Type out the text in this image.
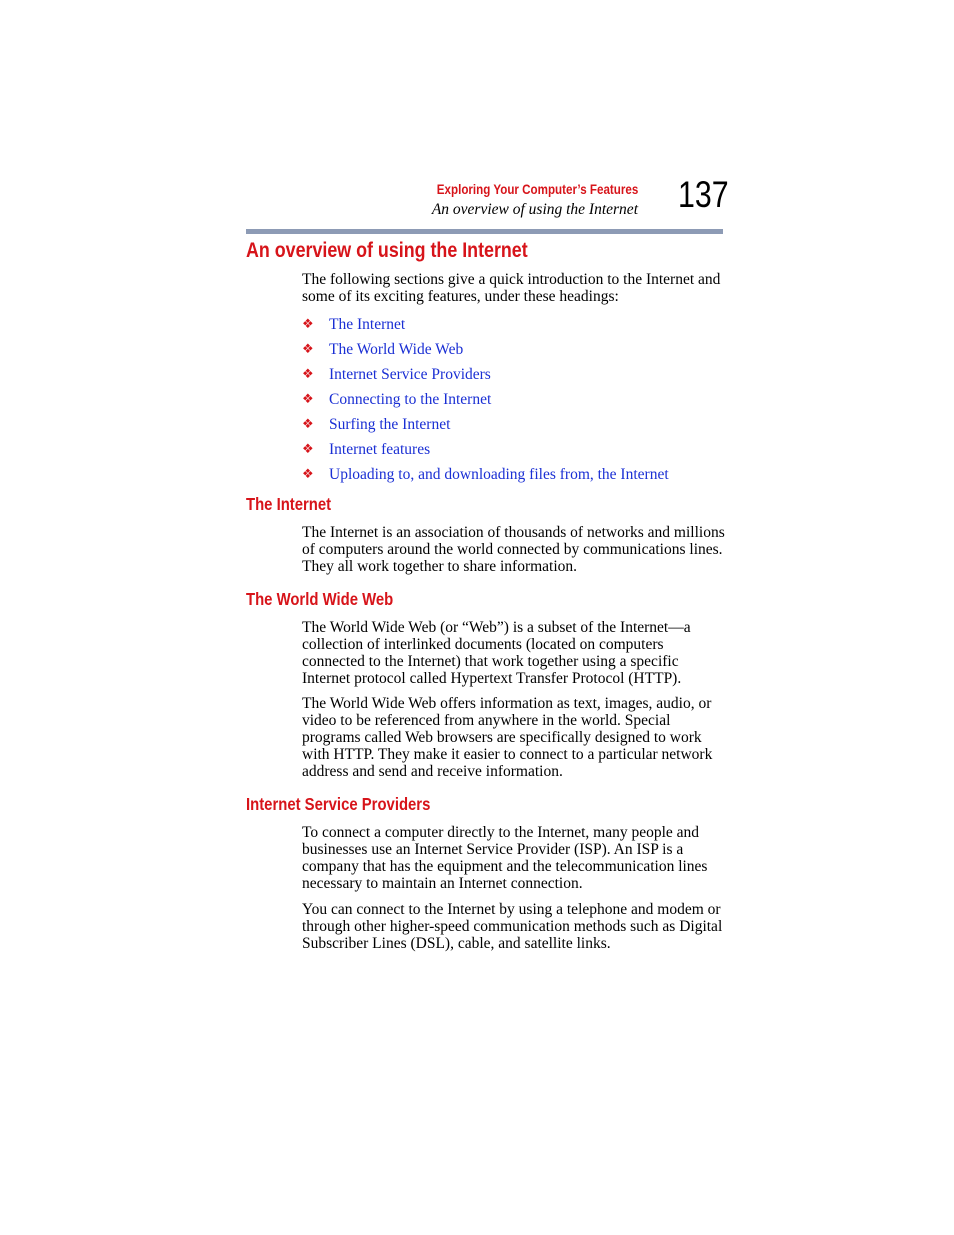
Exploring Your Computer’s Features
An overview of using the Internet 137
An overview of using the Internet

The following sections give a quick introduction to the Internet and some of its exciting features, under these headings:

❖ The Internet
❖ The World Wide Web
❖ Internet Service Providers
❖ Connecting to the Internet
❖ Surfing the Internet
❖ Internet features
❖ Uploading to, and downloading files from, the Internet
The Internet

The Internet is an association of thousands of networks and millions of computers around the world connected by communications lines. They all work together to share information.

The World Wide Web

The World Wide Web (or “Web”) is a subset of the Internet—a collection of interlinked documents (located on computers connected to the Internet) that work together using a specific Internet protocol called Hypertext Transfer Protocol (HTTP).

The World Wide Web offers information as text, images, audio, or video to be referenced from anywhere in the world. Special programs called Web browsers are specifically designed to work with HTTP. They make it easier to connect to a particular network address and send and receive information.

Internet Service Providers

To connect a computer directly to the Internet, many people and businesses use an Internet Service Provider (ISP). An ISP is a company that has the equipment and the telecommunication lines necessary to maintain an Internet connection.

You can connect to the Internet by using a telephone and modem or through other higher-speed communication methods such as Digital Subscriber Lines (DSL), cable, and satellite links.
